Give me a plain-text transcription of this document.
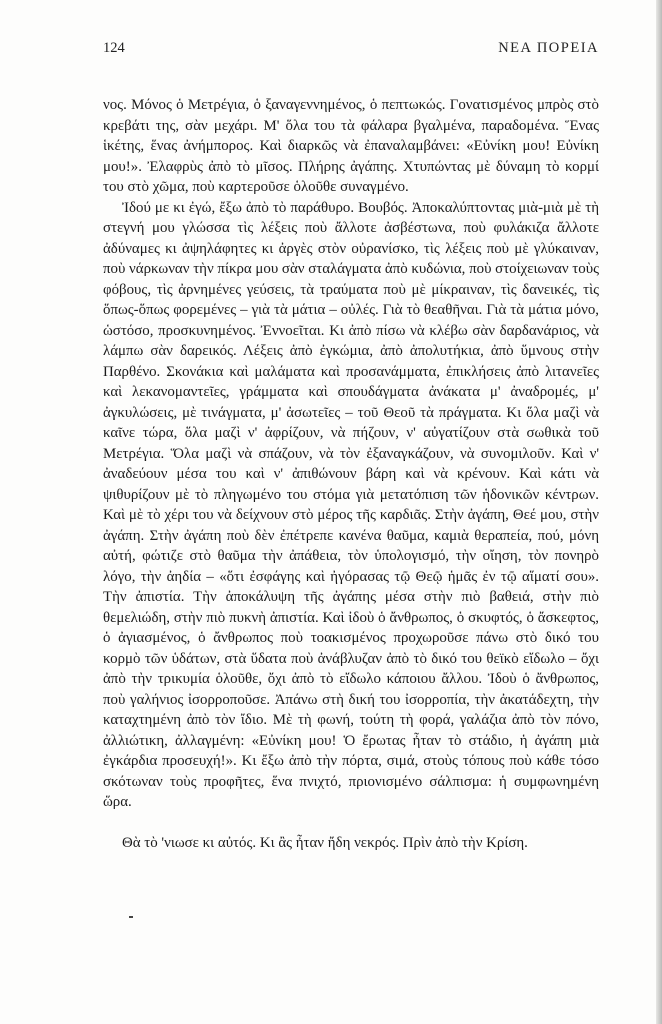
124	ΝΕΑ ΠΟΡΕΙΑ

νος. Μόνος ὁ Μετρέγια, ὁ ξαναγεννημένος, ὁ πεπτωκώς. Γονατισμένος μπρὸς στὸ κρεβάτι της, σὰν μεχάρι. Μ' ὅλα του τὰ φάλαρα βγαλμένα, παραδομένα. Ἕνας ἱκέτης, ἕνας ἀνήμπορος. Καὶ διαρκῶς νὰ ἐπαναλαμβάνει: «Εὐνίκη μου! Εὐνίκη μου!». Ἐλαφρὺς ἀπὸ τὸ μῖσος. Πλήρης ἀγάπης. Χτυπώντας μὲ δύναμη τὸ κορμί του στὸ χῶμα, ποὺ καρτεροῦσε ὁλοῦθε συναγμένο.

Ἰδού με κι ἐγώ, ἔξω ἀπὸ τὸ παράθυρο. Βουβός. Ἀποκαλύπτοντας μιὰ-μιὰ μὲ τὴ στεγνή μου γλώσσα τὶς λέξεις ποὺ ἄλλοτε ἀσβέστωνα, ποὺ φυλάκιζα ἄλλοτε ἀδύναμες κι ἀψηλάφητες κι ἀργὲς στὸν οὐρανίσκο, τὶς λέξεις ποὺ μὲ γλύκαιναν, ποὺ νάρκωναν τὴν πίκρα μου σὰν σταλάγματα ἀπὸ κυδώνια, ποὺ στοίχειωναν τοὺς φόβους, τὶς ἀρνημένες γεύσεις, τὰ τραύματα ποὺ μὲ μίκραιναν, τὶς δανεικές, τὶς ὅπως-ὅπως φορεμένες – γιὰ τὰ μάτια – οὐλές. Γιὰ τὸ θεαθῆναι. Γιὰ τὰ μάτια μόνο, ὡστόσο, προσκυνημένος. Ἐννοεῖται. Κι ἀπὸ πίσω νὰ κλέβω σὰν δαρδανάριος, νὰ λάμπω σὰν δαρεικός. Λέξεις ἀπὸ ἐγκώμια, ἀπὸ ἀπολυτήκια, ἀπὸ ὕμνους στὴν Παρθένο. Σκονάκια καὶ μαλάματα καὶ προσανάμματα, ἐπικλήσεις ἀπὸ λιτανεῖες καὶ λεκανομαντεῖες, γράμματα καὶ σπουδάγματα ἀνάκατα μ' ἀναδρομές, μ' ἀγκυλώσεις, μὲ τινάγματα, μ' ἀσωτεῖες – τοῦ Θεοῦ τὰ πράγματα. Κι ὅλα μαζὶ νὰ καῖνε τώρα, ὅλα μαζὶ ν' ἀφρίζουν, νὰ πήζουν, ν' αὐγατίζουν στὰ σωθικὰ τοῦ Μετρέγια. Ὅλα μαζὶ νὰ σπάζουν, νὰ τὸν ἐξαναγκάζουν, νὰ συνομιλοῦν. Καὶ ν' ἀναδεύουν μέσα του καὶ ν' ἀπιθώνουν βάρη καὶ νὰ κρένουν. Καὶ κάτι νὰ ψιθυρίζουν μὲ τὸ πληγωμένο του στόμα γιὰ μετατόπιση τῶν ἡδονικῶν κέντρων. Καὶ μὲ τὸ χέρι του νὰ δείχνουν στὸ μέρος τῆς καρδιᾶς. Στὴν ἀγάπη, Θεέ μου, στὴν ἀγάπη. Στὴν ἀγάπη ποὺ δὲν ἐπέτρεπε κανένα θαῦμα, καμιὰ θεραπεία, πού, μόνη αὐτή, φώτιζε στὸ θαῦμα τὴν ἀπάθεια, τὸν ὑπολογισμό, τὴν οἴηση, τὸν πονηρὸ λόγο, τὴν ἀηδία – «ὅτι ἐσφάγης καὶ ἠγόρασας τῷ Θεῷ ἡμᾶς ἐν τῷ αἵματί σου». Τὴν ἀπιστία. Τὴν ἀποκάλυψη τῆς ἀγάπης μέσα στὴν πιὸ βαθειά, στὴν πιὸ θεμελιώδη, στὴν πιὸ πυκνὴ ἀπιστία. Καὶ ἰδοὺ ὁ ἄνθρωπος, ὁ σκυφτός, ὁ ἄσκεφτος, ὁ ἀγιασμένος, ὁ ἄνθρωπος ποὺ τοακισμένος προχωροῦσε πάνω στὸ δικό του κορμὸ τῶν ὑδάτων, στὰ ὕδατα ποὺ ἀνάβλυζαν ἀπὸ τὸ δικό του θεϊκὸ εἴδωλο – ὄχι ἀπὸ τὴν τρικυμία ὁλοῦθε, ὄχι ἀπὸ τὸ εἴδωλο κάποιου ἄλλου. Ἰδοὺ ὁ ἄνθρωπος, ποὺ γαλήνιος ἰσορροποῦσε. Ἀπάνω στὴ δική του ἰσορροπία, τὴν ἀκατάδεχτη, τὴν καταχτημένη ἀπὸ τὸν ἴδιο. Μὲ τὴ φωνή, τούτη τὴ φορά, γαλάζια ἀπὸ τὸν πόνο, ἀλλιώτικη, ἀλλαγμένη: «Εὐνίκη μου! Ὁ ἔρωτας ἦταν τὸ στάδιο, ἡ ἀγάπη μιὰ ἐγκάρδια προσευχή!». Κι ἔξω ἀπὸ τὴν πόρτα, σιμά, στοὺς τόπους ποὺ κάθε τόσο σκότωναν τοὺς προφῆτες, ἕνα πνιχτό, πριονισμένο σάλπισμα: ἡ συμφωνημένη ὥρα.

Θὰ τὸ 'νιωσε κι αὐτός. Κι ἂς ἦταν ἤδη νεκρός. Πρὶν ἀπὸ τὴν Κρίση.
